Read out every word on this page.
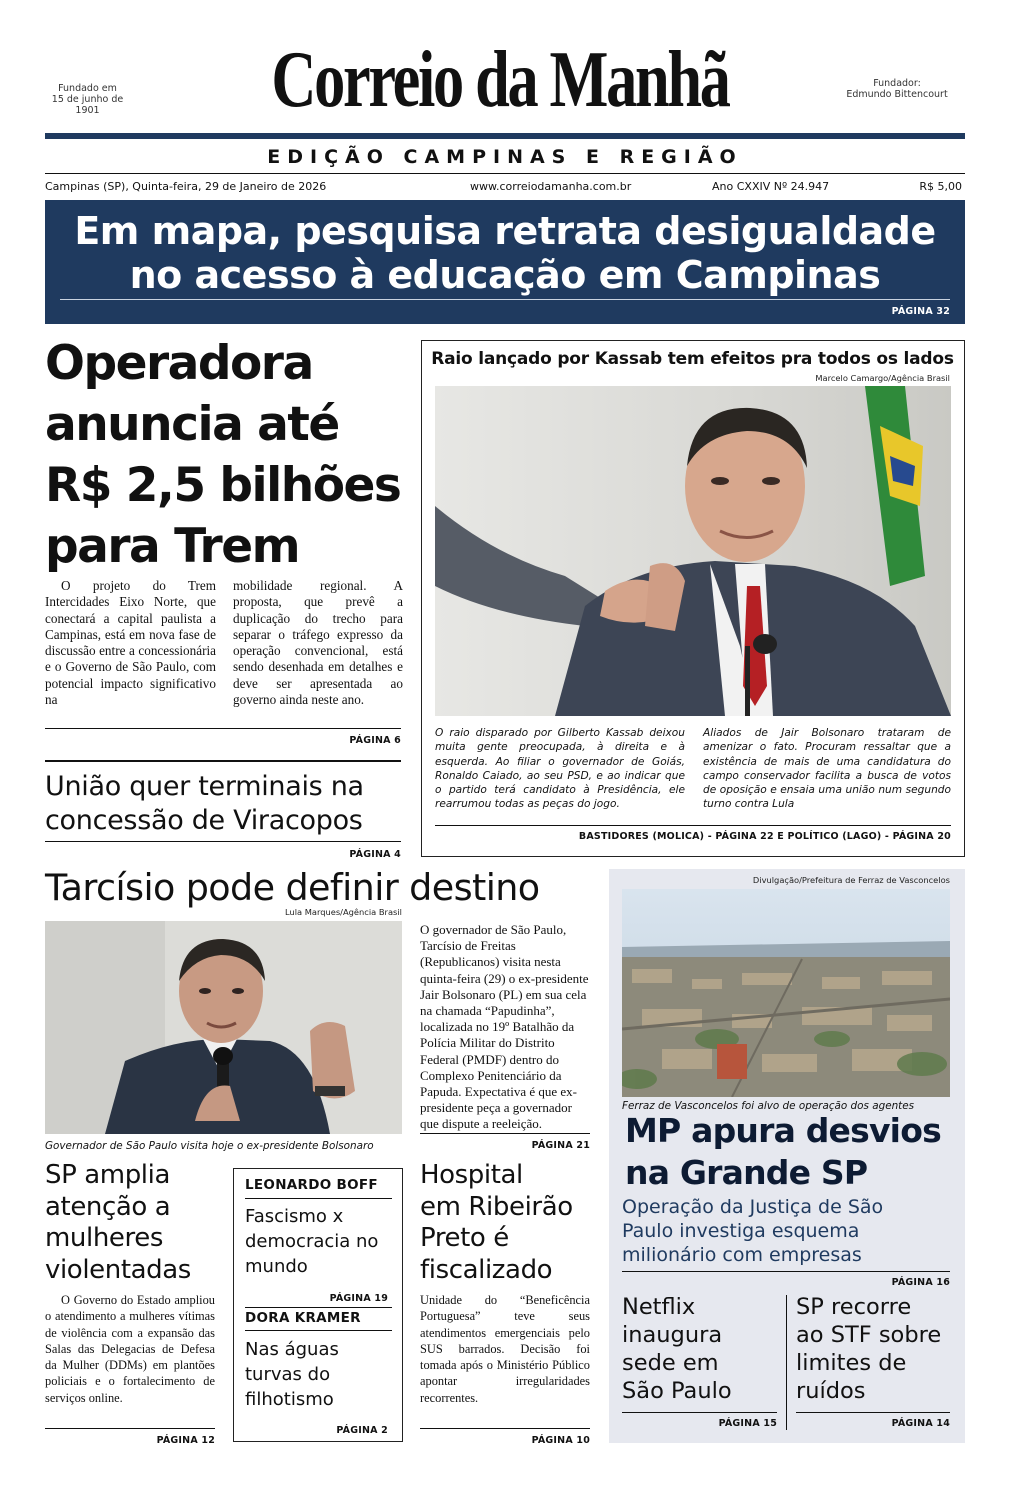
Fundado em
15 de junho de 1901	Correio da Manhã	Fundador:
Edmundo Bittencourt
EDIÇÃO CAMPINAS E REGIÃO
Campinas (SP), Quinta-feira, 29 de Janeiro de 2026	www.correiodamanha.com.br	Ano CXXIV Nº 24.947	R$ 5,00
Em mapa, pesquisa retrata desigualdade
no acesso à educação em Campinas
PÁGINA 32
Operadora
anuncia até
R$ 2,5 bilhões
para Trem
O projeto do Trem Intercidades Eixo Norte, que conectará a capital paulista a Campinas, está em nova fase de discussão entre a concessionária e o Governo de São Paulo, com potencial impacto significativo na
mobilidade regional. A proposta, que prevê a duplicação do trecho para separar o tráfego expresso da operação convencional, está sendo desenhada em detalhes e deve ser apresentada ao governo ainda neste ano.
PÁGINA 6
União quer terminais na
concessão de Viracopos
PÁGINA 4
Raio lançado por Kassab tem efeitos pra todos os lados
Marcelo Camargo/Agência Brasil
O raio disparado por Gilberto Kassab deixou muita gente preocupada, à direita e à esquerda. Ao filiar o governador de Goiás, Ronaldo Caiado, ao seu PSD, e ao indicar que o partido terá candidato à Presidência, ele rearrumou todas as peças do jogo.
Aliados de Jair Bolsonaro trataram de amenizar o fato. Procuram ressaltar que a existência de mais de uma candidatura do campo conservador facilita a busca de votos de oposição e ensaia uma união num segundo turno contra Lula
BASTIDORES (MOLICA) - PÁGINA 22 E POLÍTICO (LAGO) - PÁGINA 20
Tarcísio pode definir destino
Lula Marques/Agência Brasil
Governador de São Paulo visita hoje o ex-presidente Bolsonaro
O governador de São Paulo, Tarcísio de Freitas (Republicanos) visita nesta quinta-feira (29) o ex-presidente Jair Bolsonaro (PL) em sua cela na chamada “Papudinha”, localizada no 19º Batalhão da Polícia Militar do Distrito Federal (PMDF) dentro do Complexo Penitenciário da Papuda. Expectativa é que ex-presidente peça a governador que dispute a reeleição.
PÁGINA 21
Divulgação/Prefeitura de Ferraz de Vasconcelos
Ferraz de Vasconcelos foi alvo de operação dos agentes
MP apura desvios
na Grande SP
Operação da Justiça de São
Paulo investiga esquema
milionário com empresas
PÁGINA 16
Netflix
inaugura
sede em
São Paulo
PÁGINA 15
SP recorre
ao STF sobre
limites de
ruídos
PÁGINA 14
SP amplia
atenção a
mulheres
violentadas
O Governo do Estado ampliou o atendimento a mulheres vítimas de violência com a expansão das Salas das Delegacias de Defesa da Mulher (DDMs) em plantões policiais e o fortalecimento de serviços online.
PÁGINA 12
LEONARDO BOFF
Fascismo x
democracia no
mundo
PÁGINA 19
DORA KRAMER
Nas águas
turvas do
filhotismo
PÁGINA 2
Hospital
em Ribeirão
Preto é
fiscalizado
Unidade do “Beneficência Portuguesa” teve seus atendimentos emergenciais pelo SUS barrados. Decisão foi tomada após o Ministério Público apontar irregularidades recorrentes.
PÁGINA 10
